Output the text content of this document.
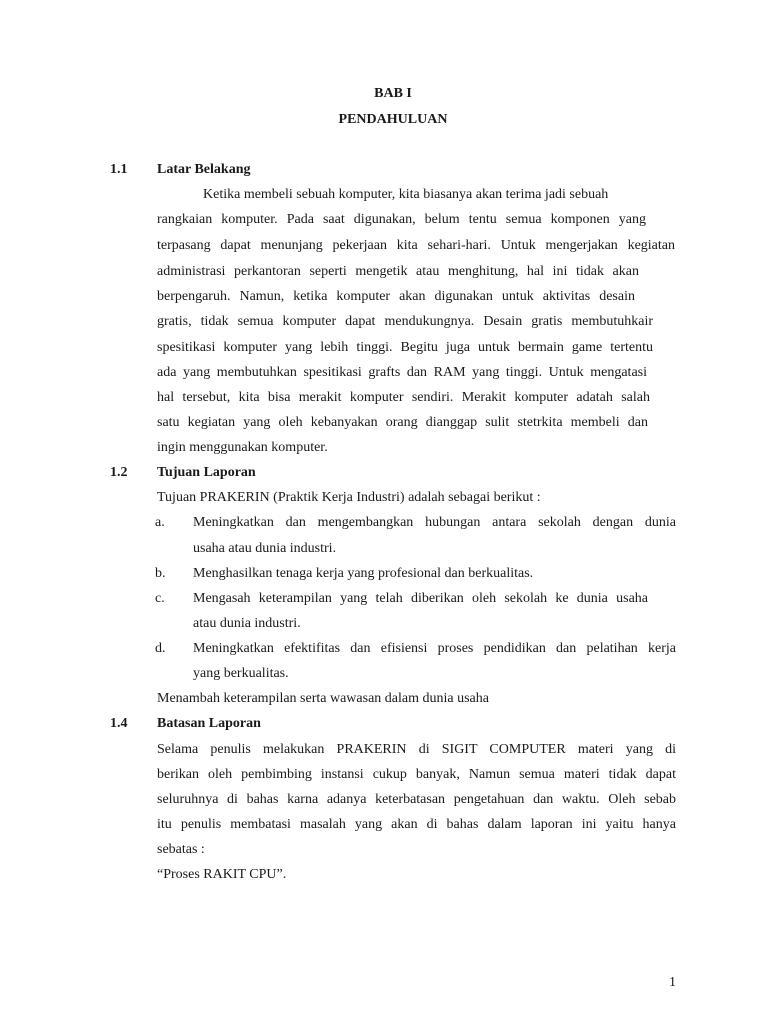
BAB I
PENDAHULUAN
1.1 Latar Belakang
Ketika membeli sebuah komputer, kita biasanya akan terima jadi sebuah
rangkaian komputer. Pada saat digunakan, belum tentu semua komponen yang
terpasang dapat menunjang pekerjaan kita sehari-hari. Untuk mengerjakan kegiatan
administrasi perkantoran seperti mengetik atau menghitung, hal ini tidak akan
berpengaruh. Namun, ketika komputer akan digunakan untuk aktivitas desain
gratis, tidak semua komputer dapat mendukungnya. Desain gratis membutuhkair
spesitikasi komputer yang lebih tinggi. Begitu juga untuk bermain game tertentu
ada yang membutuhkan spesitikasi grafts dan RAM yang tinggi. Untuk mengatasi
hal tersebut, kita bisa merakit komputer sendiri. Merakit komputer adatah salah
satu kegiatan yang oleh kebanyakan orang dianggap sulit stetrkita membeli dan
ingin menggunakan komputer.
1.2 Tujuan Laporan
Tujuan PRAKERIN (Praktik Kerja Industri) adalah sebagai berikut :
a. Meningkatkan dan mengembangkan hubungan antara sekolah dengan dunia
usaha atau dunia industri.
b. Menghasilkan tenaga kerja yang profesional dan berkualitas.
c. Mengasah keterampilan yang telah diberikan oleh sekolah ke dunia usaha
atau dunia industri.
d. Meningkatkan efektifitas dan efisiensi proses pendidikan dan pelatihan kerja
yang berkualitas.
Menambah keterampilan serta wawasan dalam dunia usaha
1.4 Batasan Laporan
Selama penulis melakukan PRAKERIN di SIGIT COMPUTER materi yang di
berikan oleh pembimbing instansi cukup banyak, Namun semua materi tidak dapat
seluruhnya di bahas karna adanya keterbatasan pengetahuan dan waktu. Oleh sebab
itu penulis membatasi masalah yang akan di bahas dalam laporan ini yaitu hanya
sebatas :
“Proses RAKIT CPU”.
1
